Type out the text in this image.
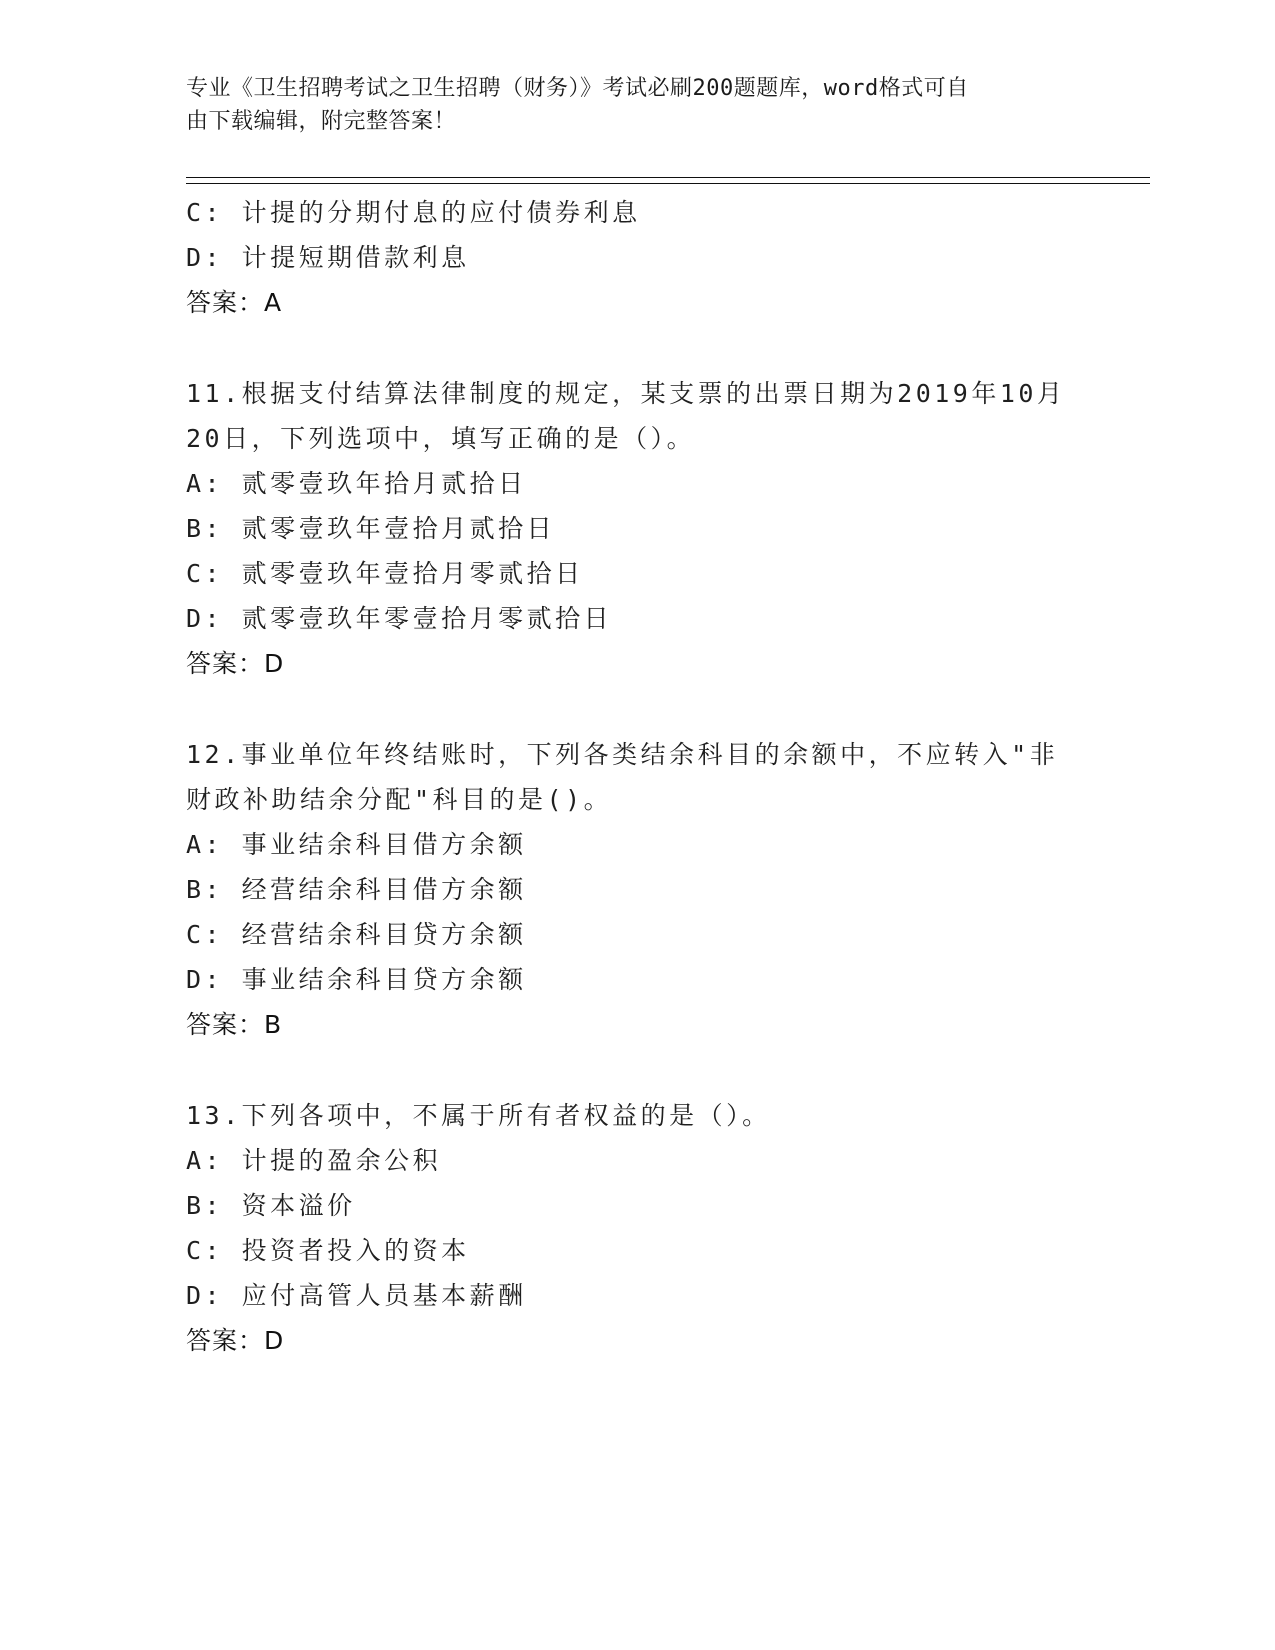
专业《卫生招聘考试之卫生招聘（财务）》考试必刷200题题库，word格式可自
由下载编辑，附完整答案！
C: 计提的分期付息的应付债券利息
D: 计提短期借款利息
答案：A
11.根据支付结算法律制度的规定，某支票的出票日期为2019年10月
20日，下列选项中，填写正确的是（）。
A: 贰零壹玖年拾月贰拾日
B: 贰零壹玖年壹拾月贰拾日
C: 贰零壹玖年壹拾月零贰拾日
D: 贰零壹玖年零壹拾月零贰拾日
答案：D
12.事业单位年终结账时，下列各类结余科目的余额中，不应转入"非
财政补助结余分配"科目的是()。
A: 事业结余科目借方余额
B: 经营结余科目借方余额
C: 经营结余科目贷方余额
D: 事业结余科目贷方余额
答案：B
13.下列各项中，不属于所有者权益的是（）。
A: 计提的盈余公积
B: 资本溢价
C: 投资者投入的资本
D: 应付高管人员基本薪酬
答案：D
